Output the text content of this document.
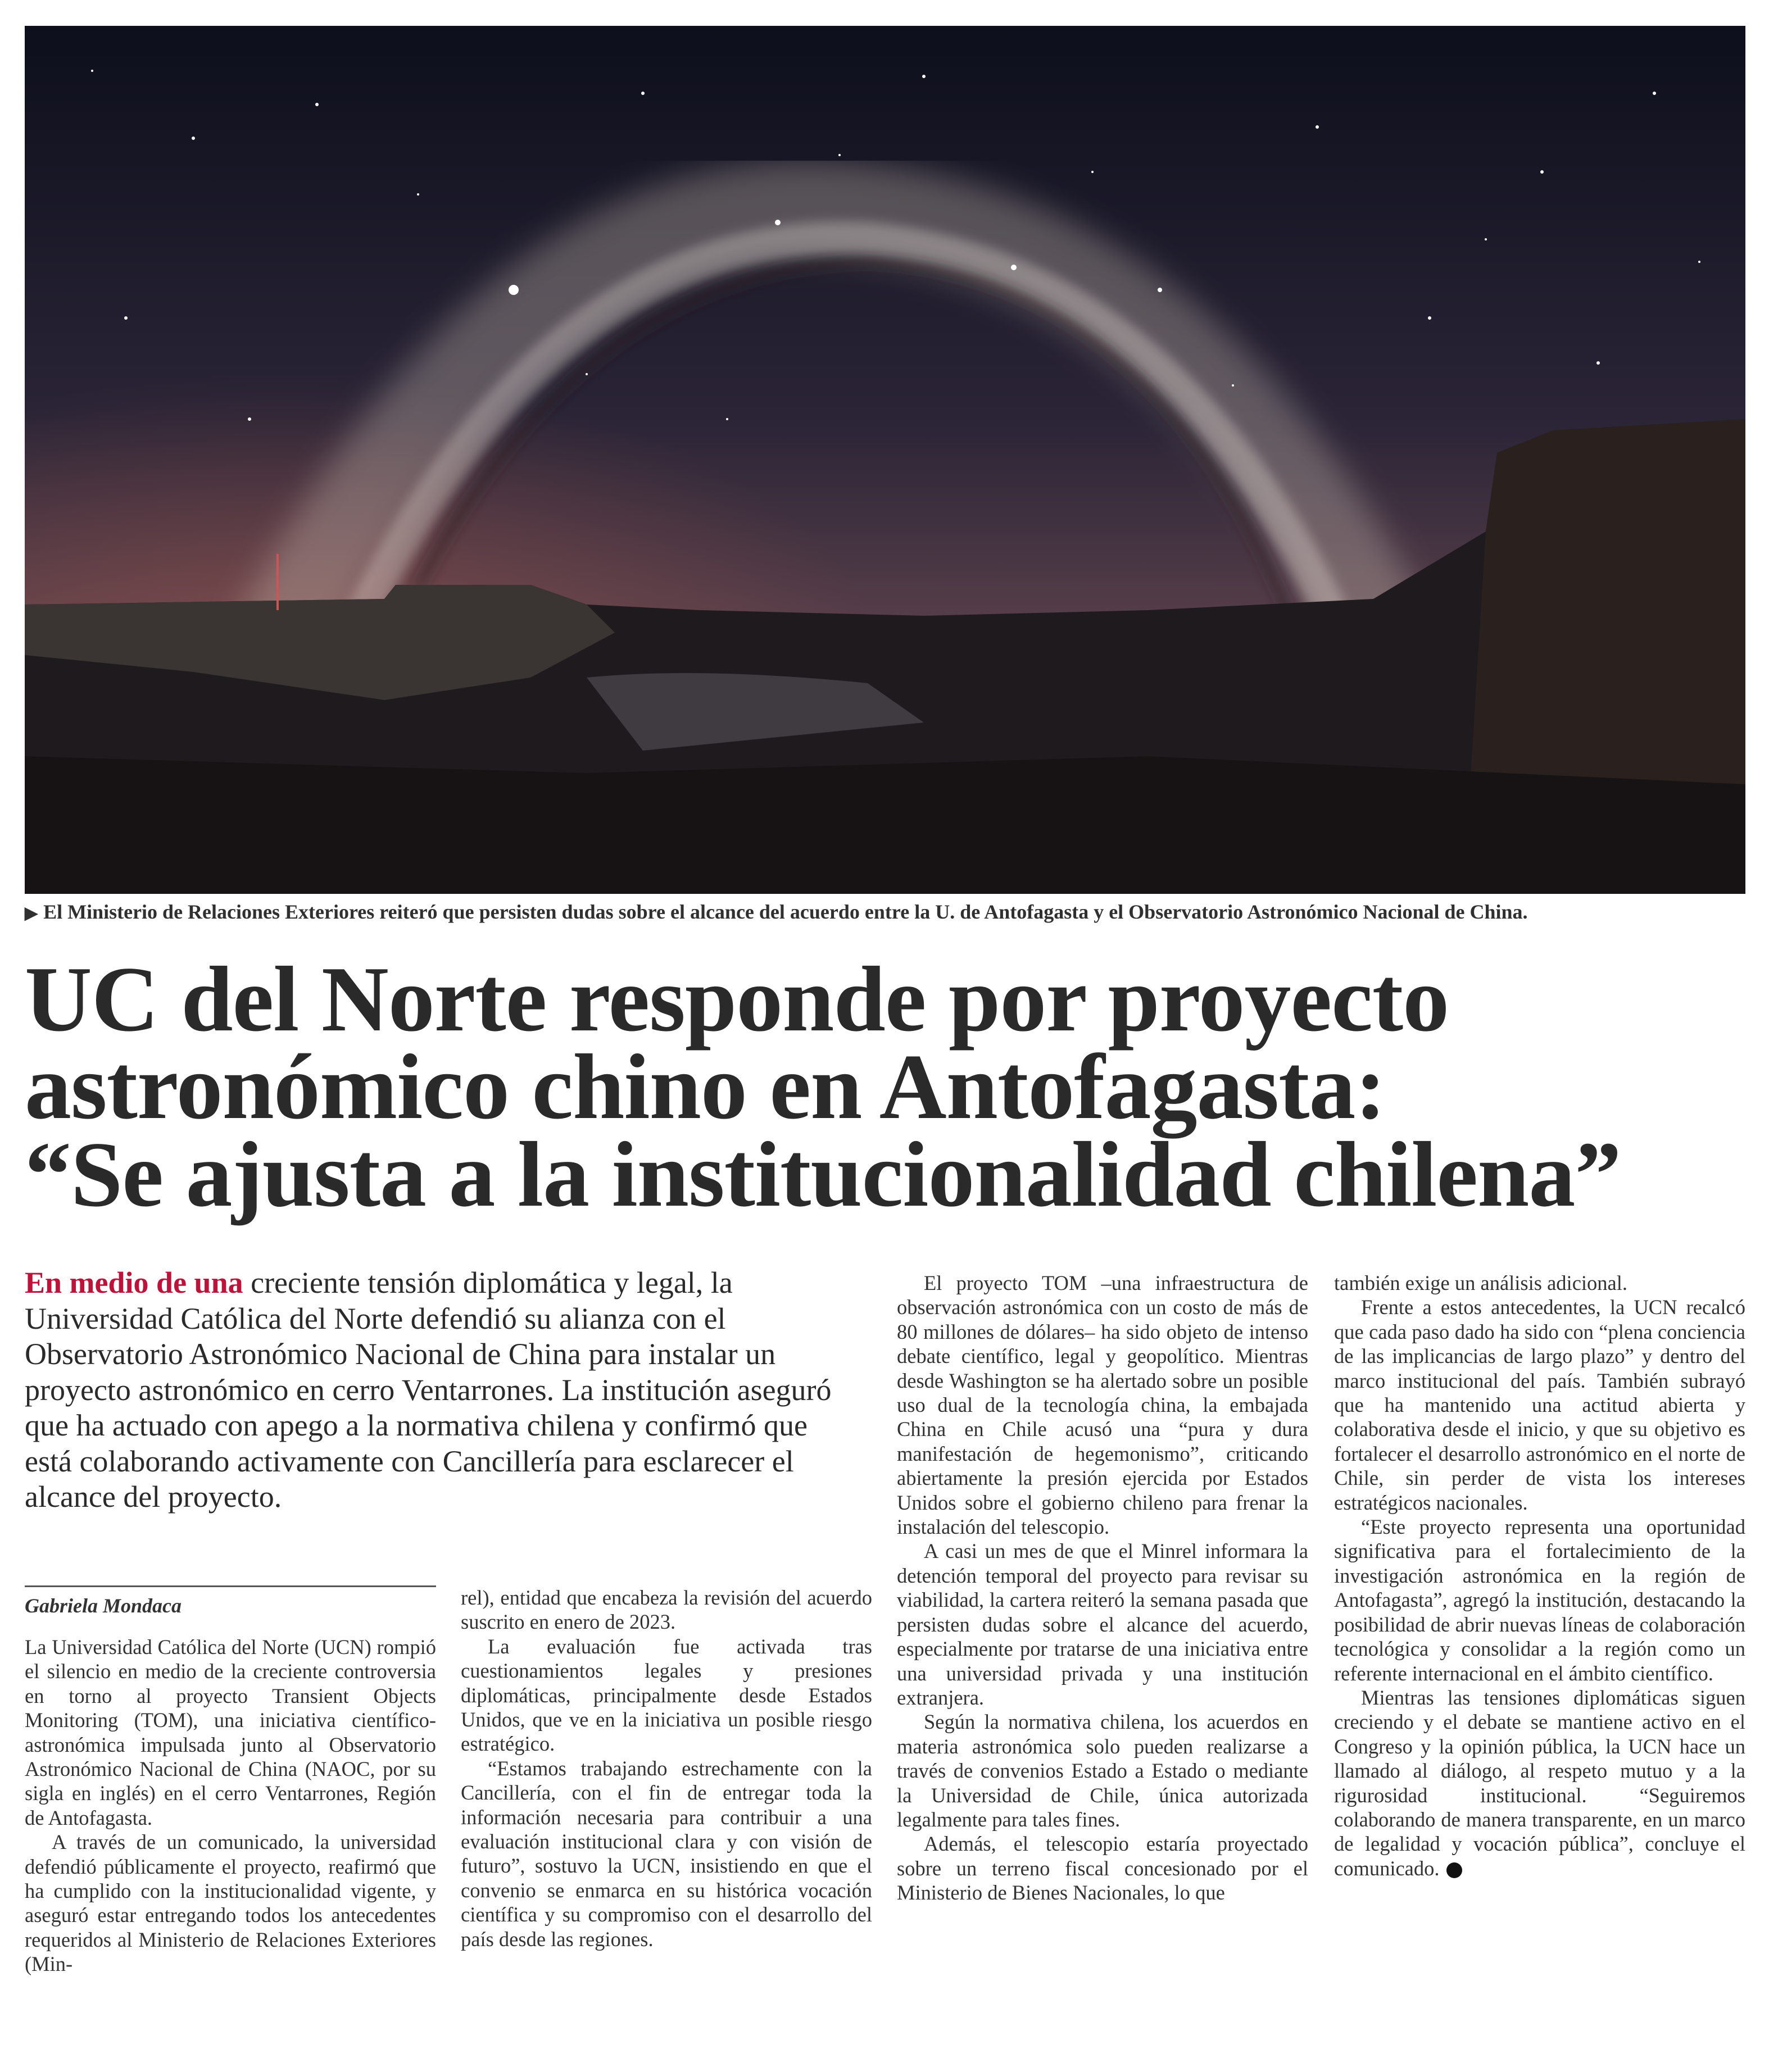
▶ El Ministerio de Relaciones Exteriores reiteró que persisten dudas sobre el alcance del acuerdo entre la U. de Antofagasta y el Observatorio Astronómico Nacional de China.
UC del Norte responde por proyecto
astronómico chino en Antofagasta:
“Se ajusta a la institucionalidad chilena”
En medio de una creciente tensión diplomática y legal, la Universidad Católica del Norte defendió su alianza con el Observatorio Astronómico Nacional de China para instalar un proyecto astronómico en cerro Ventarrones. La institución aseguró que ha actuado con apego a la normativa chilena y confirmó que está colaborando activamente con Cancillería para esclarecer el alcance del proyecto.
Gabriela Mondaca

La Universidad Católica del Norte (UCN) rompió el silencio en medio de la creciente controversia en torno al proyecto Transient Objects Monitoring (TOM), una iniciativa científico-astronómica impulsada junto al Observatorio Astronómico Nacional de China (NAOC, por su sigla en inglés) en el cerro Ventarrones, Región de Antofagasta.

A través de un comunicado, la universidad defendió públicamente el proyecto, reafirmó que ha cumplido con la institucionalidad vigente, y aseguró estar entregando todos los antecedentes requeridos al Ministerio de Relaciones Exteriores (Min-

rel), entidad que encabeza la revisión del acuerdo suscrito en enero de 2023.

La evaluación fue activada tras cuestionamientos legales y presiones diplomáticas, principalmente desde Estados Unidos, que ve en la iniciativa un posible riesgo estratégico.

“Estamos trabajando estrechamente con la Cancillería, con el fin de entregar toda la información necesaria para contribuir a una evaluación institucional clara y con visión de futuro”, sostuvo la UCN, insistiendo en que el convenio se enmarca en su histórica vocación científica y su compromiso con el desarrollo del país desde las regiones.

El proyecto TOM –una infraestructura de observación astronómica con un costo de más de 80 millones de dólares– ha sido objeto de intenso debate científico, legal y geopolítico. Mientras desde Washington se ha alertado sobre un posible uso dual de la tecnología china, la embajada China en Chile acusó una “pura y dura manifestación de hegemonismo”, criticando abiertamente la presión ejercida por Estados Unidos sobre el gobierno chileno para frenar la instalación del telescopio.

A casi un mes de que el Minrel informara la detención temporal del proyecto para revisar su viabilidad, la cartera reiteró la semana pasada que persisten dudas sobre el alcance del acuerdo, especialmente por tratarse de una iniciativa entre una universidad privada y una institución extranjera.

Según la normativa chilena, los acuerdos en materia astronómica solo pueden realizarse a través de convenios Estado a Estado o mediante la Universidad de Chile, única autorizada legalmente para tales fines.

Además, el telescopio estaría proyectado sobre un terreno fiscal concesionado por el Ministerio de Bienes Nacionales, lo que

también exige un análisis adicional.

Frente a estos antecedentes, la UCN recalcó que cada paso dado ha sido con “plena conciencia de las implicancias de largo plazo” y dentro del marco institucional del país. También subrayó que ha mantenido una actitud abierta y colaborativa desde el inicio, y que su objetivo es fortalecer el desarrollo astronómico en el norte de Chile, sin perder de vista los intereses estratégicos nacionales.

“Este proyecto representa una oportunidad significativa para el fortalecimiento de la investigación astronómica en la región de Antofagasta”, agregó la institución, destacando la posibilidad de abrir nuevas líneas de colaboración tecnológica y consolidar a la región como un referente internacional en el ámbito científico.

Mientras las tensiones diplomáticas siguen creciendo y el debate se mantiene activo en el Congreso y la opinión pública, la UCN hace un llamado al diálogo, al respeto mutuo y a la rigurosidad institucional. “Seguiremos colaborando de manera transparente, en un marco de legalidad y vocación pública”, concluye el comunicado.
